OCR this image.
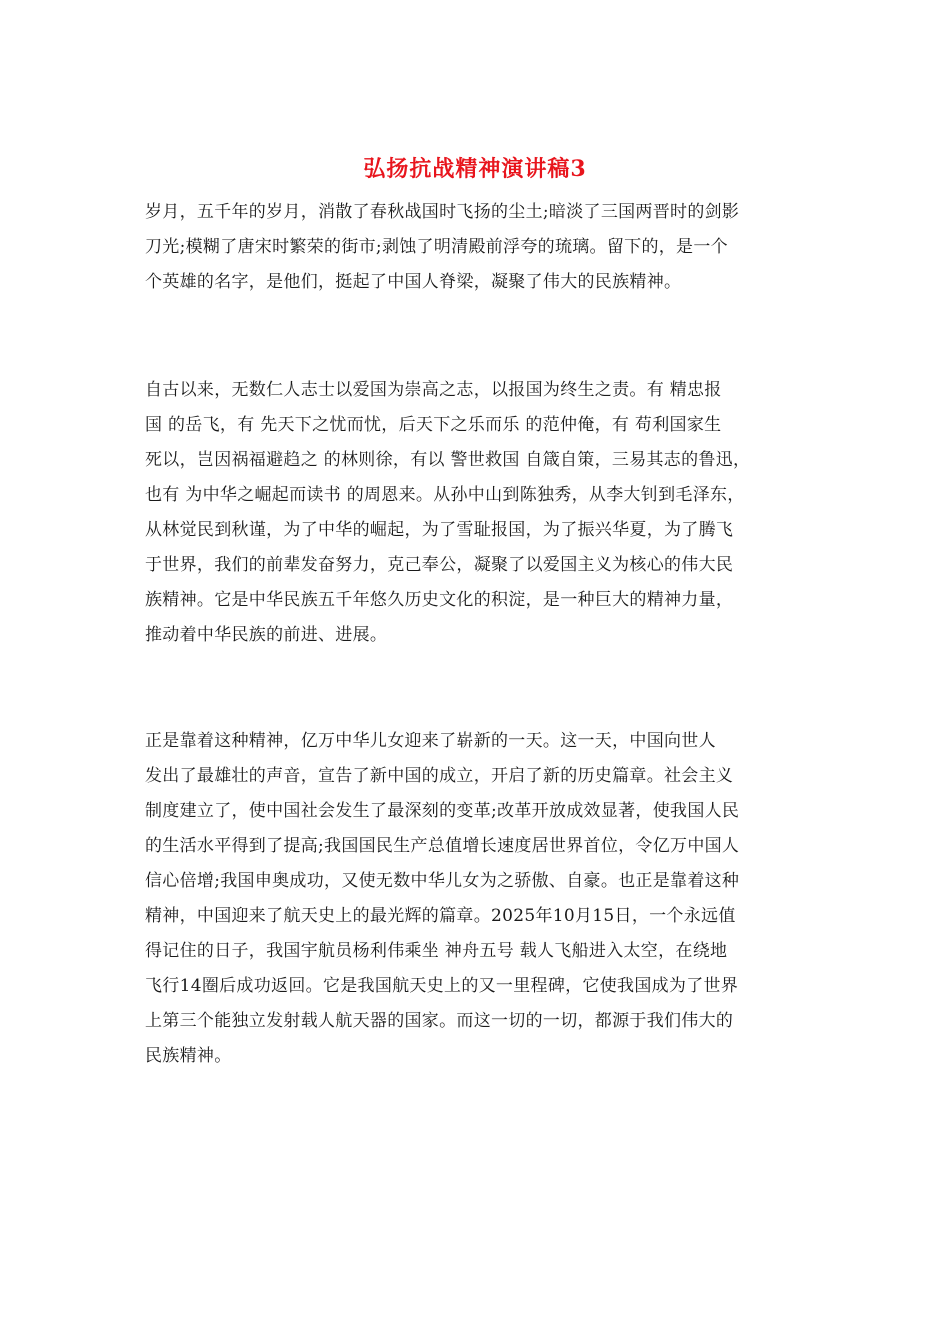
弘扬抗战精神演讲稿3
岁月，五千年的岁月，消散了春秋战国时飞扬的尘土;暗淡了三国两晋时的剑影
刀光;模糊了唐宋时繁荣的街市;剥蚀了明清殿前浮夸的琉璃。留下的，是一个
个英雄的名字，是他们，挺起了中国人脊梁，凝聚了伟大的民族精神。
自古以来，无数仁人志士以爱国为崇高之志，以报国为终生之责。有 精忠报
国 的岳飞，有 先天下之忧而忧，后天下之乐而乐 的范仲俺，有 苟利国家生
死以，岂因祸福避趋之 的林则徐，有以 警世救国 自箴自策，三易其志的鲁迅，
也有 为中华之崛起而读书 的周恩来。从孙中山到陈独秀，从李大钊到毛泽东，
从林觉民到秋谨，为了中华的崛起，为了雪耻报国，为了振兴华夏，为了腾飞
于世界，我们的前辈发奋努力，克己奉公，凝聚了以爱国主义为核心的伟大民
族精神。它是中华民族五千年悠久历史文化的积淀，是一种巨大的精神力量，
推动着中华民族的前进、进展。
正是靠着这种精神，亿万中华儿女迎来了崭新的一天。这一天，中国向世人
发出了最雄壮的声音，宣告了新中国的成立，开启了新的历史篇章。社会主义
制度建立了，使中国社会发生了最深刻的变革;改革开放成效显著，使我国人民
的生活水平得到了提高;我国国民生产总值增长速度居世界首位，令亿万中国人
信心倍增;我国申奥成功，又使无数中华儿女为之骄傲、自豪。也正是靠着这种
精神，中国迎来了航天史上的最光辉的篇章。2025年10月15日，一个永远值
得记住的日子，我国宇航员杨利伟乘坐 神舟五号 载人飞船进入太空，在绕地
飞行14圈后成功返回。它是我国航天史上的又一里程碑，它使我国成为了世界
上第三个能独立发射载人航天器的国家。而这一切的一切，都源于我们伟大的
民族精神。
